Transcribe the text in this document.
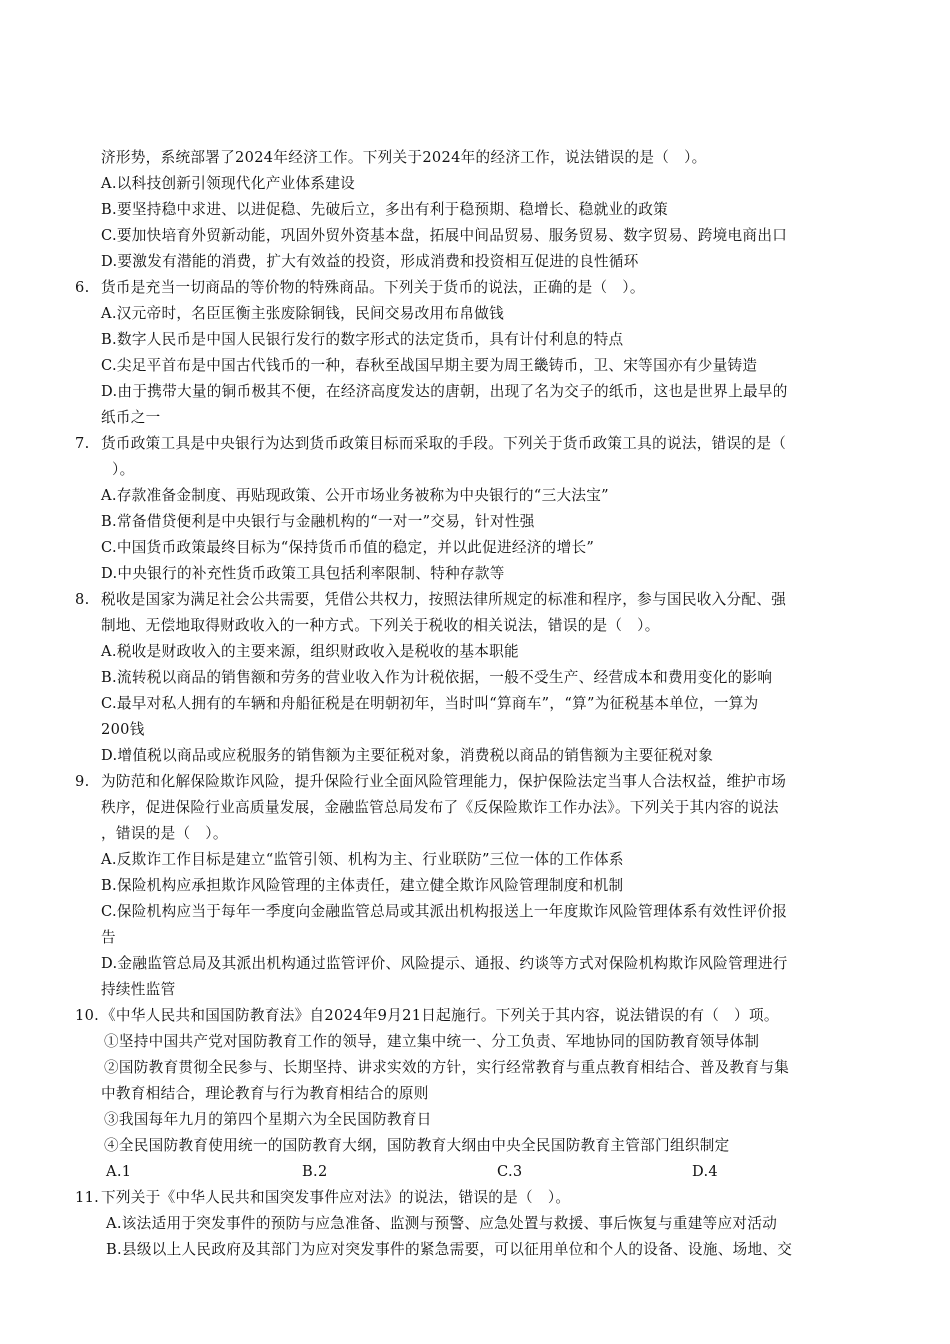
济形势，系统部署了2024年经济工作。下列关于2024年的经济工作，说法错误的是（　）。
A.以科技创新引领现代化产业体系建设
B.要坚持稳中求进、以进促稳、先破后立，多出有利于稳预期、稳增长、稳就业的政策
C.要加快培育外贸新动能，巩固外贸外资基本盘，拓展中间品贸易、服务贸易、数字贸易、跨境电商出口
D.要激发有潜能的消费，扩大有效益的投资，形成消费和投资相互促进的良性循环
6. 货币是充当一切商品的等价物的特殊商品。下列关于货币的说法，正确的是（　）。
A.汉元帝时，名臣匡衡主张废除铜钱，民间交易改用布帛做钱
B.数字人民币是中国人民银行发行的数字形式的法定货币，具有计付利息的特点
C.尖足平首布是中国古代钱币的一种，春秋至战国早期主要为周王畿铸币，卫、宋等国亦有少量铸造
D.由于携带大量的铜币极其不便，在经济高度发达的唐朝，出现了名为交子的纸币，这也是世界上最早的
纸币之一
7. 货币政策工具是中央银行为达到货币政策目标而采取的手段。下列关于货币政策工具的说法，错误的是（
）。
A.存款准备金制度、再贴现政策、公开市场业务被称为中央银行的“三大法宝”
B.常备借贷便利是中央银行与金融机构的“一对一”交易，针对性强
C.中国货币政策最终目标为“保持货币币值的稳定，并以此促进经济的增长”
D.中央银行的补充性货币政策工具包括利率限制、特种存款等
8. 税收是国家为满足社会公共需要，凭借公共权力，按照法律所规定的标准和程序，参与国民收入分配、强
制地、无偿地取得财政收入的一种方式。下列关于税收的相关说法，错误的是（　）。
A.税收是财政收入的主要来源，组织财政收入是税收的基本职能
B.流转税以商品的销售额和劳务的营业收入作为计税依据，一般不受生产、经营成本和费用变化的影响
C.最早对私人拥有的车辆和舟船征税是在明朝初年，当时叫“算商车”，“算”为征税基本单位，一算为
200钱
D.增值税以商品或应税服务的销售额为主要征税对象，消费税以商品的销售额为主要征税对象
9. 为防范和化解保险欺诈风险，提升保险行业全面风险管理能力，保护保险法定当事人合法权益，维护市场
秩序，促进保险行业高质量发展，金融监管总局发布了《反保险欺诈工作办法》。下列关于其内容的说法
，错误的是（　）。
A.反欺诈工作目标是建立“监管引领、机构为主、行业联防”三位一体的工作体系
B.保险机构应承担欺诈风险管理的主体责任，建立健全欺诈风险管理制度和机制
C.保险机构应当于每年一季度向金融监管总局或其派出机构报送上一年度欺诈风险管理体系有效性评价报
告
D.金融监管总局及其派出机构通过监管评价、风险提示、通报、约谈等方式对保险机构欺诈风险管理进行
持续性监管
10. 《中华人民共和国国防教育法》自2024年9月21日起施行。下列关于其内容，说法错误的有（　）项。
①坚持中国共产党对国防教育工作的领导，建立集中统一、分工负责、军地协同的国防教育领导体制
②国防教育贯彻全民参与、长期坚持、讲求实效的方针，实行经常教育与重点教育相结合、普及教育与集
中教育相结合，理论教育与行为教育相结合的原则
③我国每年九月的第四个星期六为全民国防教育日
④全民国防教育使用统一的国防教育大纲，国防教育大纲由中央全民国防教育主管部门组织制定
A.1	B.2	C.3	D.4
11. 下列关于《中华人民共和国突发事件应对法》的说法，错误的是（　）。
A.该法适用于突发事件的预防与应急准备、监测与预警、应急处置与救援、事后恢复与重建等应对活动
B.县级以上人民政府及其部门为应对突发事件的紧急需要，可以征用单位和个人的设备、设施、场地、交
